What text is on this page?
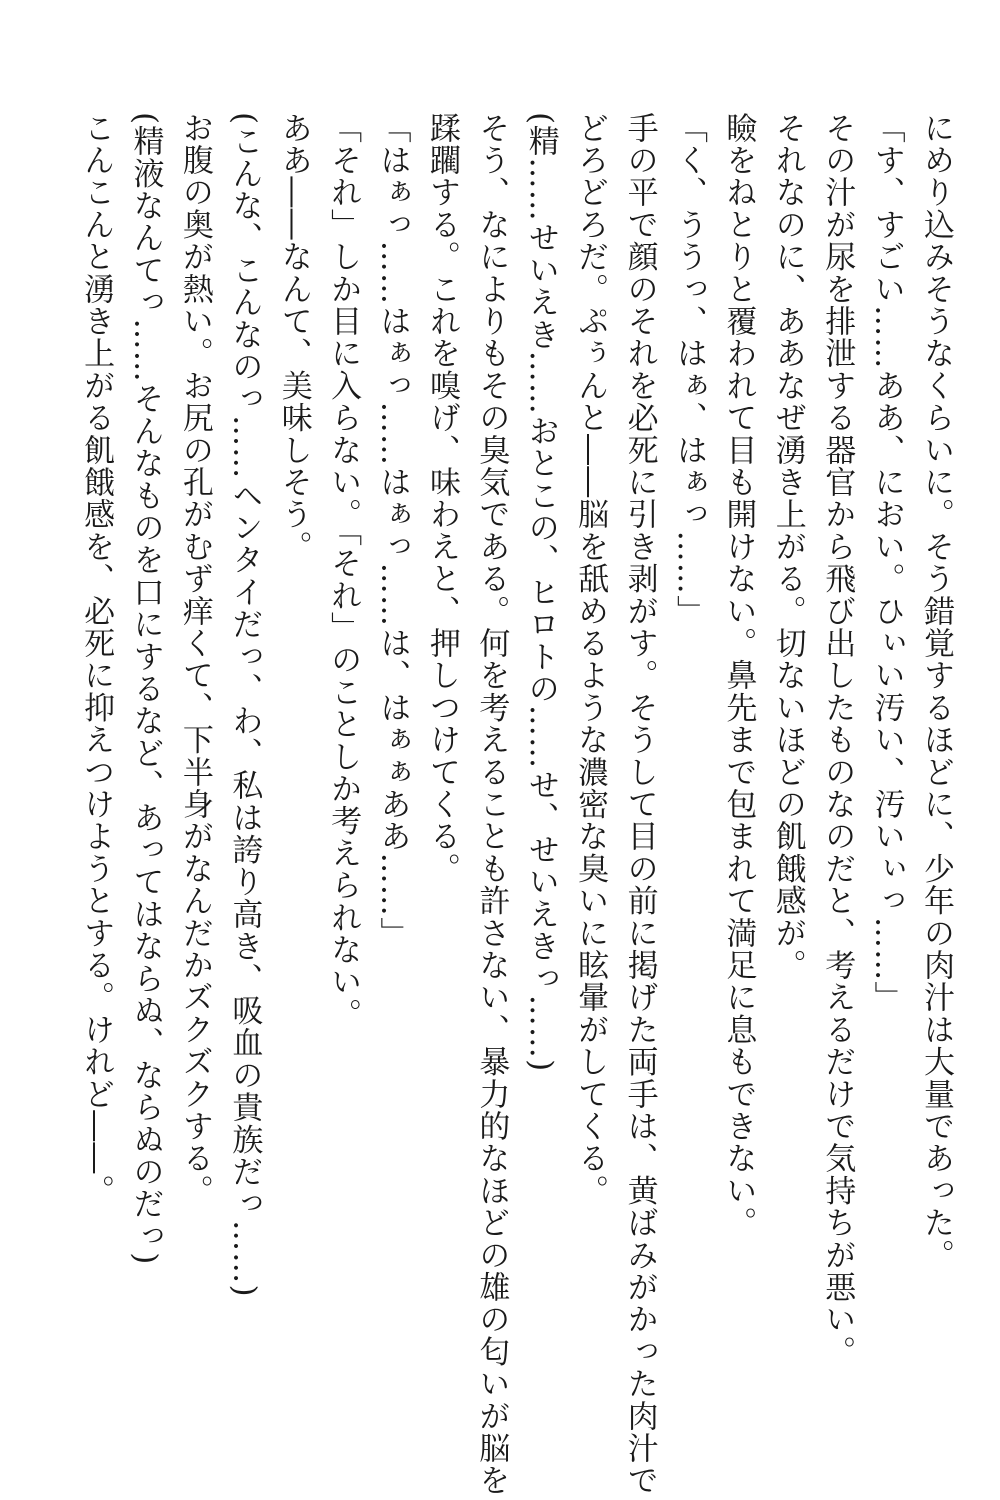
にめり込みそうなくらいに。そう錯覚するほどに、少年の肉汁は大量であった。

「す、すごい……ああ、におい。ひぃい汚い、汚いぃっ……」

その汁が尿を排泄する器官から飛び出したものなのだと、考えるだけで気持ちが悪い。

それなのに、ああなぜ湧き上がる。切ないほどの飢餓感が。

瞼をねとりと覆われて目も開けない。鼻先まで包まれて満足に息もできない。

「く、ううっ、はぁ、はぁっ……」

手の平で顔のそれを必死に引き剥がす。そうして目の前に掲げた両手は、黄ばみがかった肉汁で

どろどろだ。ぷぅんと――脳を舐めるような濃密な臭いに眩暈がしてくる。

(精……せいえき……おとこの、ヒロトの……せ、せいえきっ……)

そう、なによりもその臭気である。何を考えることも許さない、暴力的なほどの雄の匂いが脳を

蹂躙する。これを嗅げ、味わえと、押しつけてくる。

「はぁっ……はぁっ……はぁっ……は、はぁぁああ……」

「それ」しか目に入らない。「それ」のことしか考えられない。

ああ――なんて、美味しそう。

(こんな、こんなのっ……ヘンタイだっ、わ、私は誇り高き、吸血の貴族だっ……)

お腹の奥が熱い。お尻の孔がむず痒くて、下半身がなんだかズクズクする。

(精液なんてっ……そんなものを口にするなど、あってはならぬ、ならぬのだっ)

こんこんと湧き上がる飢餓感を、必死に抑えつけようとする。けれど――。
